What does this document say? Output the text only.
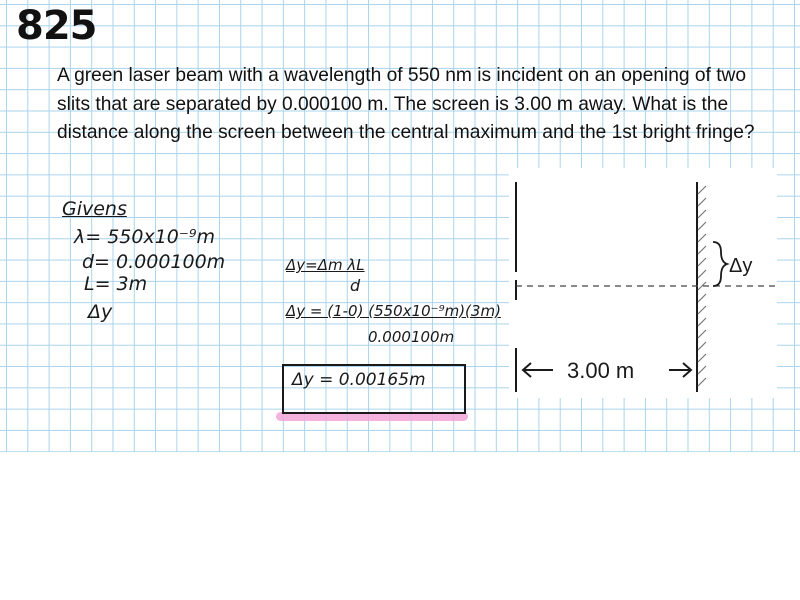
825
A green laser beam with a wavelength of 550 nm is incident on an opening of two slits that are separated by 0.000100 m. The screen is 3.00 m away. What is the distance along the screen between the central maximum and the 1st bright fringe?
Givens
λ= 550x10⁻⁹m
d= 0.000100m
L= 3m
Δy
Δy=Δm λL
d
Δy = (1-0) (550x10⁻⁹m)(3m)
0.000100m
Δy = 0.00165m
Δy
3.00 m
